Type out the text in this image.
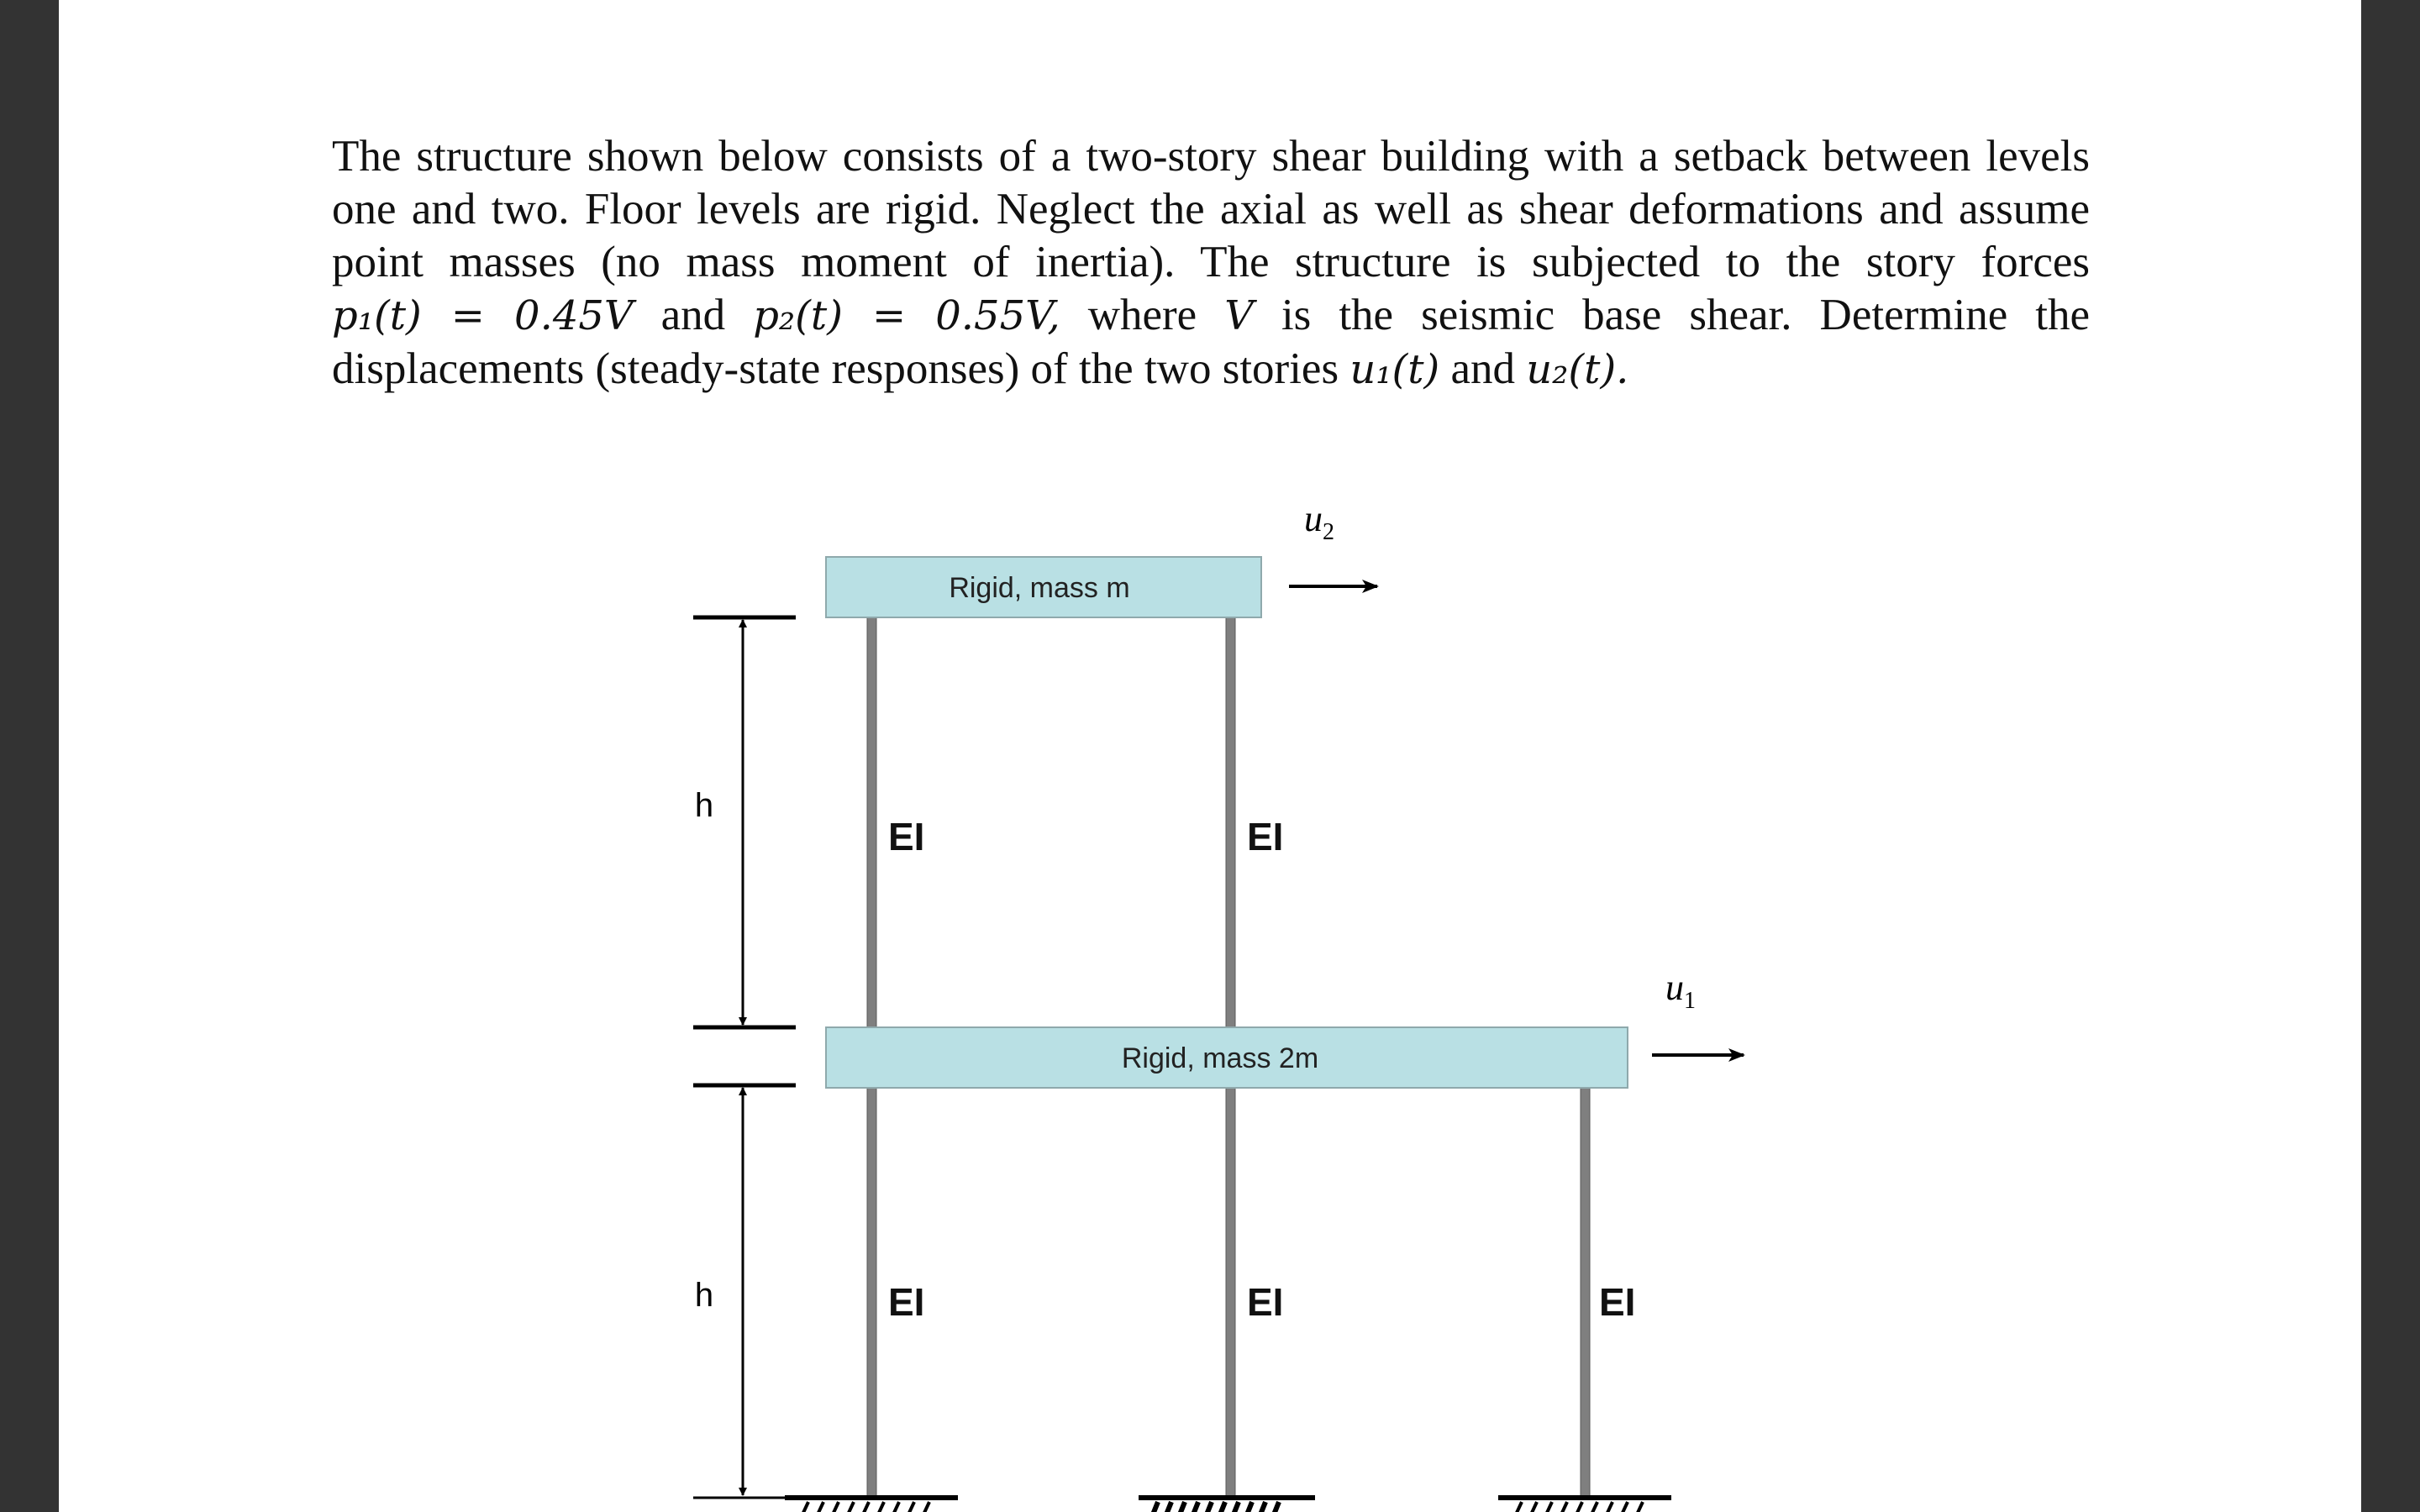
The structure shown below consists of a two-story shear building with a setback between levels
one and two. Floor levels are rigid. Neglect the axial as well as shear deformations and assume
point masses (no mass moment of inertia). The structure is subjected to the story forces
p₁(t) = 0.45V and p₂(t) = 0.55V, where V is the seismic base shear. Determine the
displacements (steady-state responses) of the two stories u₁(t) and u₂(t).
Rigid, mass m
Rigid, mass 2m
h
h
EI	EI
EI	EI	EI
$u_2$
$u_1$
